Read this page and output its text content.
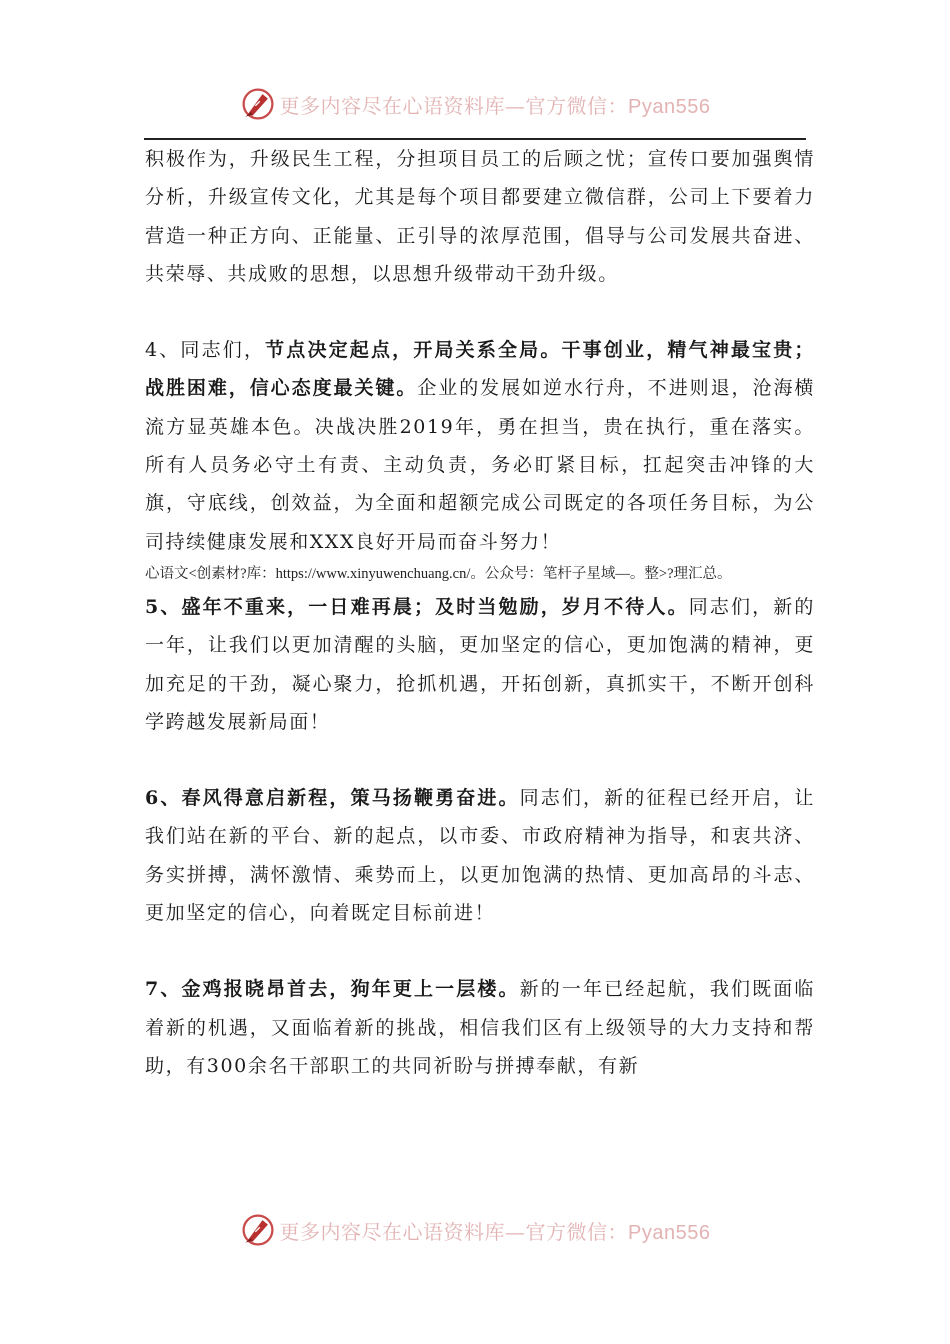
更多内容尽在心语资料库—官方微信：Pyan556

积极作为，升级民生工程，分担项目员工的后顾之忧；宣传口要加强舆情分析，升级宣传文化，尤其是每个项目都要建立微信群，公司上下要着力营造一种正方向、正能量、正引导的浓厚范围，倡导与公司发展共奋进、共荣辱、共成败的思想，以思想升级带动干劲升级。

4、同志们，节点决定起点，开局关系全局。干事创业，精气神最宝贵；战胜困难，信心态度最关键。企业的发展如逆水行舟，不进则退，沧海横流方显英雄本色。决战决胜2019年，勇在担当，贵在执行，重在落实。所有人员务必守土有责、主动负责，务必盯紧目标，扛起突击冲锋的大旗，守底线，创效益，为全面和超额完成公司既定的各项任务目标，为公司持续健康发展和XXX良好开局而奋斗努力！

心语文<创素材?库：https://www.xinyuwenchuang.cn/。公众号：笔杆子星域—。整>?理汇总。

5、盛年不重来，一日难再晨；及时当勉励，岁月不待人。同志们，新的一年，让我们以更加清醒的头脑，更加坚定的信心，更加饱满的精神，更加充足的干劲，凝心聚力，抢抓机遇，开拓创新，真抓实干，不断开创科学跨越发展新局面！

6、春风得意启新程，策马扬鞭勇奋进。同志们，新的征程已经开启，让我们站在新的平台、新的起点，以市委、市政府精神为指导，和衷共济、务实拼搏，满怀激情、乘势而上，以更加饱满的热情、更加高昂的斗志、更加坚定的信心，向着既定目标前进！

7、金鸡报晓昂首去，狗年更上一层楼。新的一年已经起航，我们既面临着新的机遇，又面临着新的挑战，相信我们区有上级领导的大力支持和帮助，有300余名干部职工的共同祈盼与拼搏奉献，有新

更多内容尽在心语资料库—官方微信：Pyan556
